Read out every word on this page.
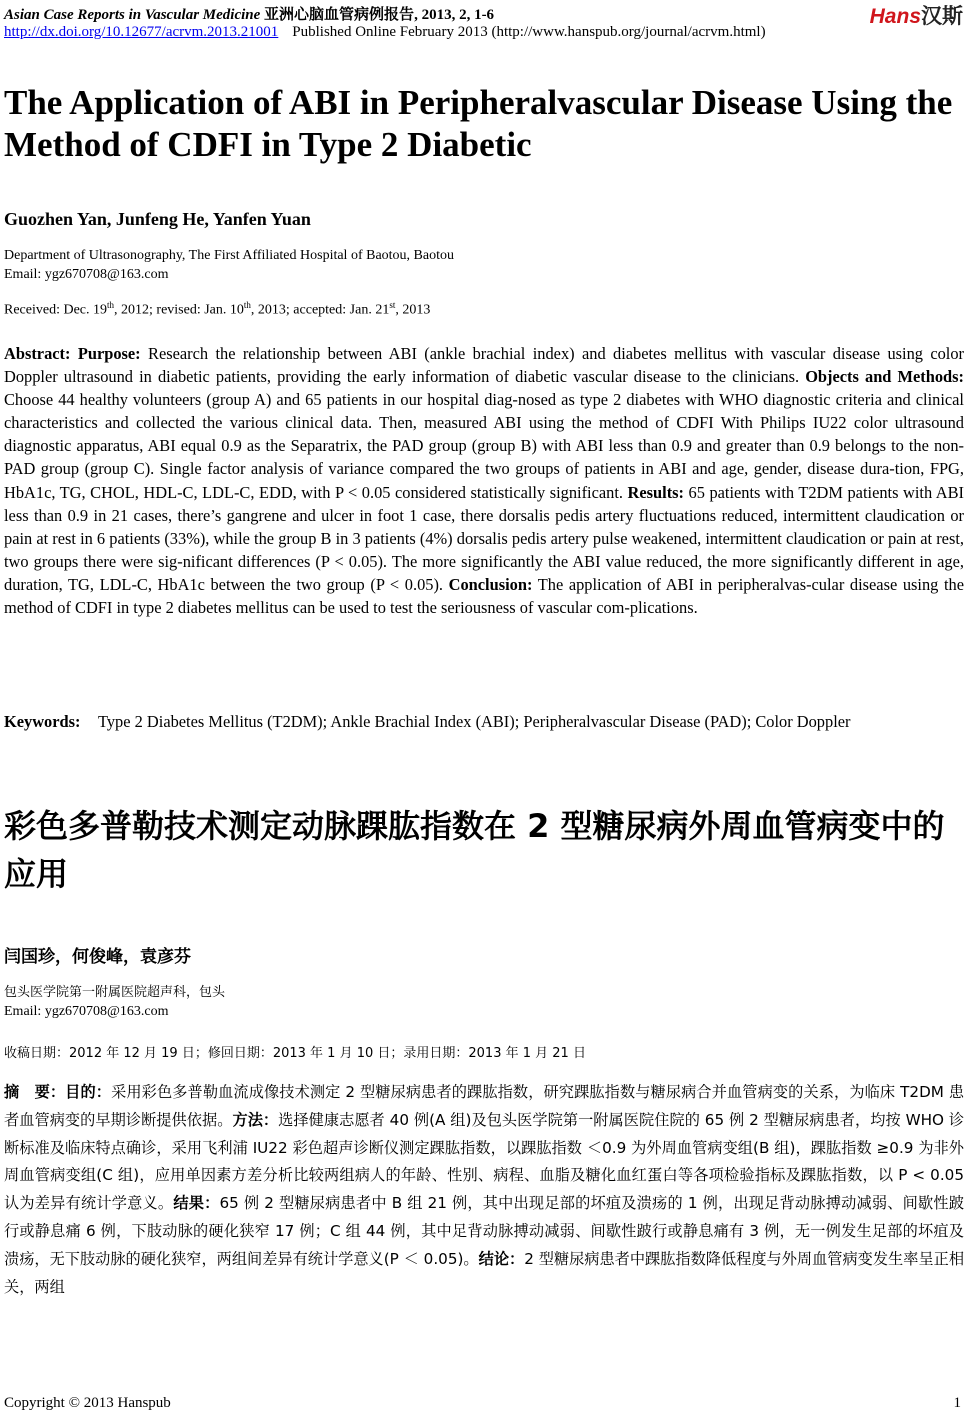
Asian Case Reports in Vascular Medicine 亚洲心脑血管病例报告, 2013, 2, 1-6	Hans汉斯
http://dx.doi.org/10.12677/acrvm.2013.21001 Published Online February 2013 (http://www.hanspub.org/journal/acrvm.html)
The Application of ABI in Peripheralvascular Disease Using the Method of CDFI in Type 2 Diabetic
Guozhen Yan, Junfeng He, Yanfen Yuan
Department of Ultrasonography, The First Affiliated Hospital of Baotou, Baotou
Email: ygz670708@163.com
Received: Dec. 19th, 2012; revised: Jan. 10th, 2013; accepted: Jan. 21st, 2013
Abstract: Purpose: Research the relationship between ABI (ankle brachial index) and diabetes mellitus with vascular disease using color Doppler ultrasound in diabetic patients, providing the early information of diabetic vascular disease to the clinicians. Objects and Methods: Choose 44 healthy volunteers (group A) and 65 patients in our hospital diag-nosed as type 2 diabetes with WHO diagnostic criteria and clinical characteristics and collected the various clinical data. Then, measured ABI using the method of CDFI With Philips IU22 color ultrasound diagnostic apparatus, ABI equal 0.9 as the Separatrix, the PAD group (group B) with ABI less than 0.9 and greater than 0.9 belongs to the non-PAD group (group C). Single factor analysis of variance compared the two groups of patients in ABI and age, gender, disease dura-tion, FPG, HbA1c, TG, CHOL, HDL-C, LDL-C, EDD, with P < 0.05 considered statistically significant. Results: 65 patients with T2DM patients with ABI less than 0.9 in 21 cases, there’s gangrene and ulcer in foot 1 case, there dorsalis pedis artery fluctuations reduced, intermittent claudication or pain at rest in 6 patients (33%), while the group B in 3 patients (4%) dorsalis pedis artery pulse weakened, intermittent claudication or pain at rest, two groups there were sig-nificant differences (P < 0.05). The more significantly the ABI value reduced, the more significantly different in age, duration, TG, LDL-C, HbA1c between the two group (P < 0.05). Conclusion: The application of ABI in peripheralvas-cular disease using the method of CDFI in type 2 diabetes mellitus can be used to test the seriousness of vascular com-plications.
Keywords:	Type 2 Diabetes Mellitus (T2DM); Ankle Brachial Index (ABI); Peripheralvascular Disease (PAD); Color Doppler
彩色多普勒技术测定动脉踝肱指数在 2 型糖尿病外周血管病变中的应用
闫国珍，何俊峰，袁彦芬
包头医学院第一附属医院超声科，包头
Email: ygz670708@163.com
收稿日期：2012 年 12 月 19 日；修回日期：2013 年 1 月 10 日；录用日期：2013 年 1 月 21 日
摘　要：目的：采用彩色多普勒血流成像技术测定 2 型糖尿病患者的踝肱指数，研究踝肱指数与糖尿病合并血管病变的关系，为临床 T2DM 患者血管病变的早期诊断提供依据。方法：选择健康志愿者 40 例(A 组)及包头医学院第一附属医院住院的 65 例 2 型糖尿病患者，均按 WHO 诊断标准及临床特点确诊，采用飞利浦 IU22 彩色超声诊断仪测定踝肱指数，以踝肱指数 ＜0.9 为外周血管病变组(B 组)，踝肱指数 ≥0.9 为非外周血管病变组(C 组)，应用单因素方差分析比较两组病人的年龄、性别、病程、血脂及糖化血红蛋白等各项检验指标及踝肱指数，以 P < 0.05 认为差异有统计学意义。结果：65 例 2 型糖尿病患者中 B 组 21 例，其中出现足部的坏疽及溃疡的 1 例，出现足背动脉搏动减弱、间歇性跛行或静息痛 6 例，下肢动脉的硬化狭窄 17 例；C 组 44 例，其中足背动脉搏动减弱、间歇性跛行或静息痛有 3 例，无一例发生足部的坏疽及溃疡，无下肢动脉的硬化狭窄，两组间差异有统计学意义(P ＜ 0.05)。结论：2 型糖尿病患者中踝肱指数降低程度与外周血管病变发生率呈正相关，两组
Copyright © 2013 Hanspub	1
